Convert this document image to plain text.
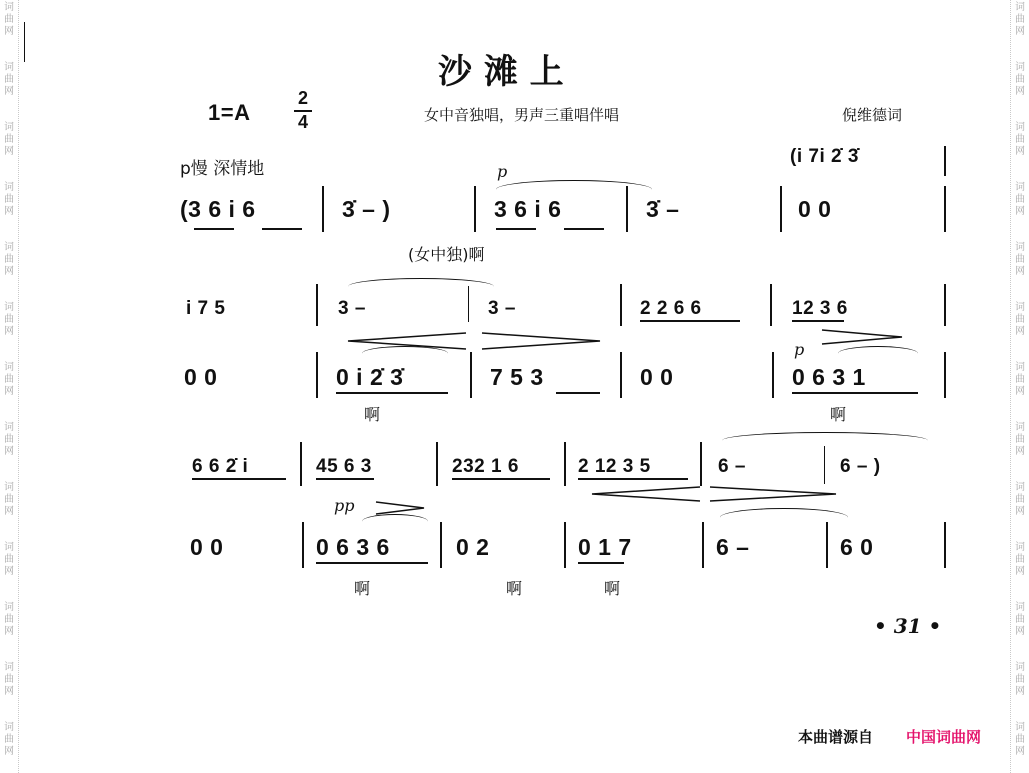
词
曲
网
词
曲
网
词
曲
网
词
曲
网
词
曲
网
词
曲
网
词
曲
网
词
曲
网
词
曲
网
词
曲
网
词
曲
网
词
曲
网
词
曲
网
词
曲
网
词
曲
网
词
曲
网
词
曲
网
词
曲
网
词
曲
网
词
曲
网
词
曲
网
词
曲
网
词
曲
网
词
曲
网
词
曲
网
词
曲
网
沙 滩 上
1=A
2
4	女中音独唱，男声三重唱伴唱	倪维德词
p慢 深情地
(i 7i 2̇ 3̇
p
(3 6 i 6	3̇ – )	3 6 i 6	3̇ –	0 0
(女中独)啊
i 7 5	3 –	3 –	2 2 6 6	12 3 6
p
0 0	0 i 2̇ 3̇	7 5 3	0 0	0 6 3 1
啊	啊
6 6 2̇ i	45 6 3	232 1 6	2 12 3 5	6 –	6 – )
pp
0 0	0 6 3 6	0 2	0 1 7	6 –	6 0
啊	啊	啊
• 31 •
本曲谱源自 中国词曲网
